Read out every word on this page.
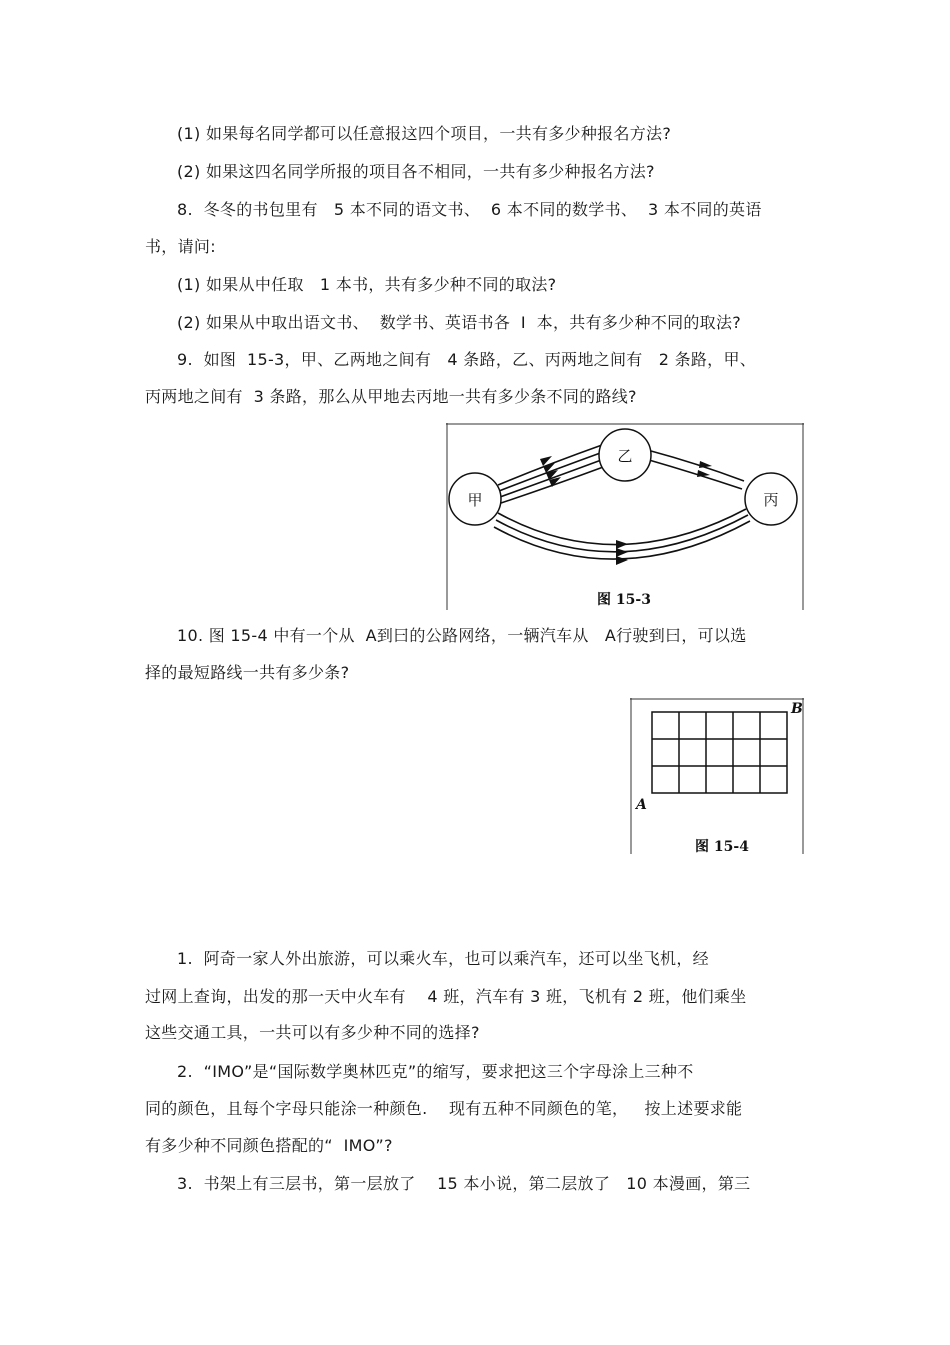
(1) 如果每名同学都可以任意报这四个项目，一共有多少种报名方法?
(2) 如果这四名同学所报的项目各不相同，一共有多少种报名方法?
8.  冬冬的书包里有   5 本不同的语文书、  6 本不同的数学书、  3 本不同的英语
书，请问:
(1) 如果从中任取   1 本书，共有多少种不同的取法?
(2) 如果从中取出语文书、  数学书、英语书各  I  本，共有多少种不同的取法?
9.  如图  15-3，甲、乙两地之间有   4 条路，乙、丙两地之间有   2 条路，甲、
丙两地之间有  3 条路，那么从甲地去丙地一共有多少条不同的路线?
甲
乙
丙
图 15-3
10. 图 15-4 中有一个从  A到曰的公路网络，一辆汽车从   A行驶到曰，可以选
择的最短路线一共有多少条?
A
B
图 15-4
1.  阿奇一家人外出旅游，可以乘火车，也可以乘汽车，还可以坐飞机，经
过网上查询，出发的那一天中火车有    4 班，汽车有 3 班，飞机有 2 班，他们乘坐
这些交通工具，一共可以有多少种不同的选择?
2.  “IMO”是“国际数学奥林匹克”的缩写，要求把这三个字母涂上三种不
同的颜色，且每个字母只能涂一种颜色.    现有五种不同颜色的笔，   按上述要求能
有多少种不同颜色搭配的“  IMO”?
3.  书架上有三层书，第一层放了    15 本小说，第二层放了   10 本漫画，第三
